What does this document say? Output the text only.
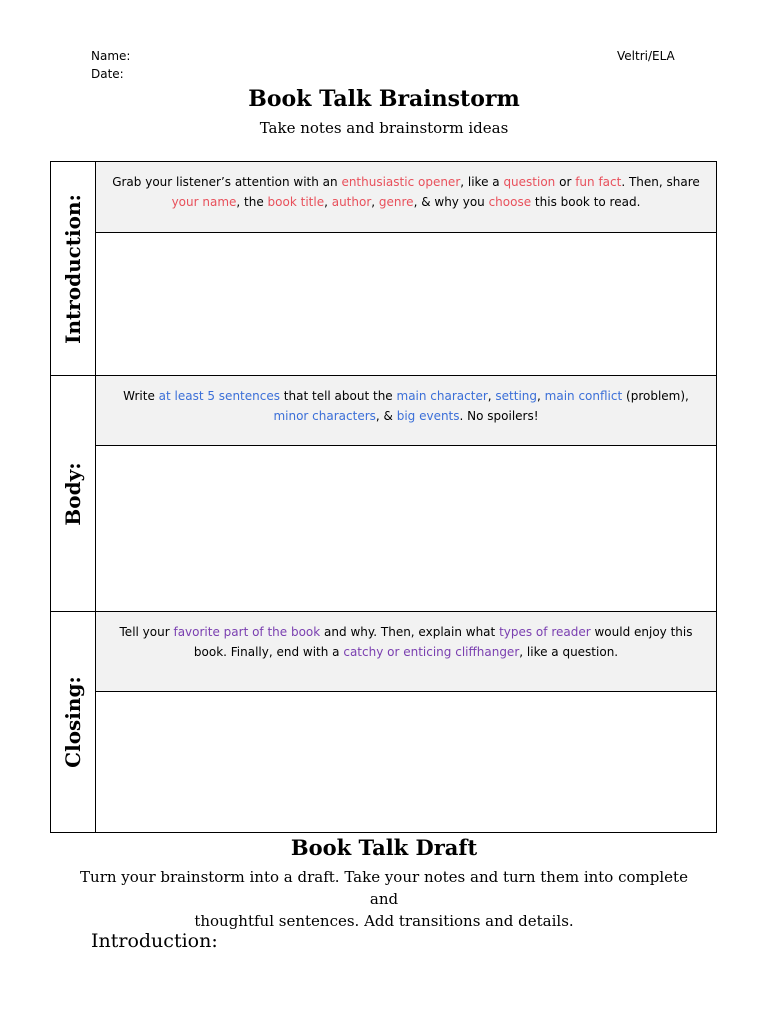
Name:
Date:
Veltri/ELA
Book Talk Brainstorm
Take notes and brainstorm ideas
Introduction:
Grab your listener’s attention with an enthusiastic opener, like a question or fun fact. Then, share
your name, the book title, author, genre, & why you choose this book to read.
Body:
Write at least 5 sentences that tell about the main character, setting, main conflict (problem),
minor characters, & big events. No spoilers!
Closing:
Tell your favorite part of the book and why. Then, explain what types of reader would enjoy this book. Finally, end with a catchy or enticing cliffhanger, like a question.
Book Talk Draft
Turn your brainstorm into a draft. Take your notes and turn them into complete and
thoughtful sentences. Add transitions and details.
Introduction:
